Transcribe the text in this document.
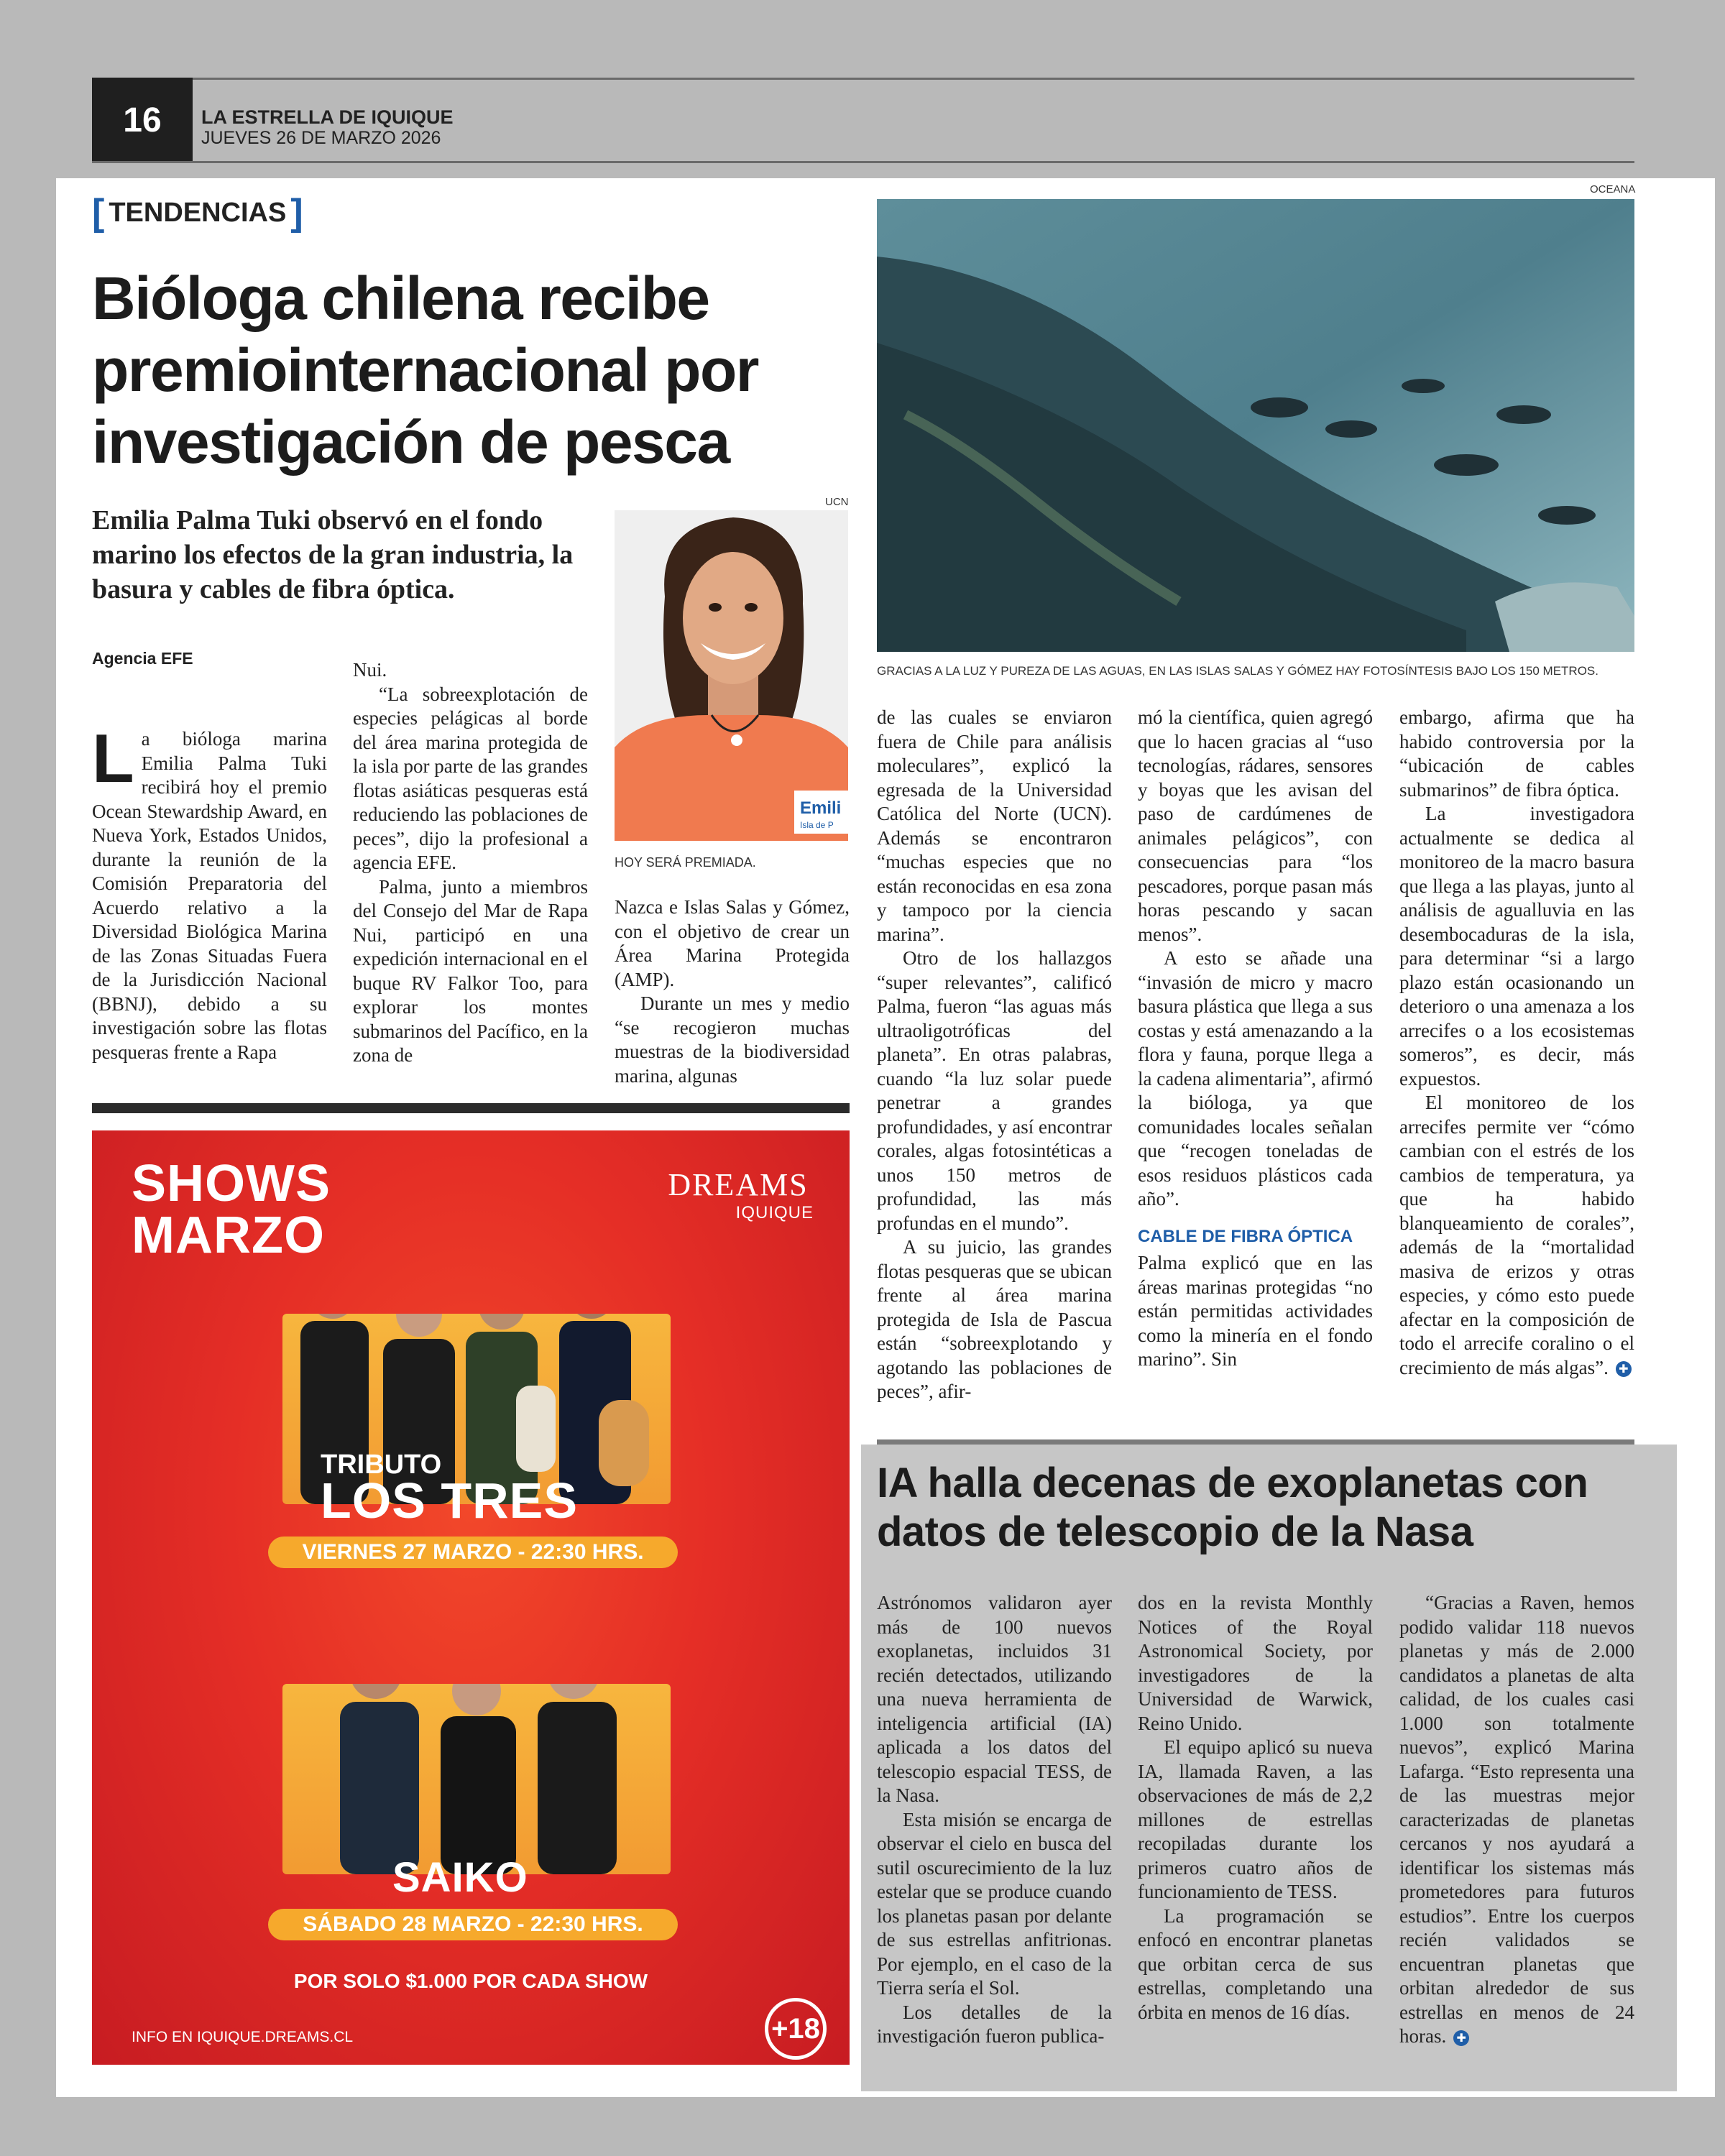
16	LA ESTRELLA DE IQUIQUE
JUEVES 26 DE MARZO 2026
[ TENDENCIAS ]
Bióloga chilena recibe premiointernacional por investigación de pesca
Emilia Palma Tuki observó en el fondo marino los efectos de la gran industria, la basura y cables de fibra óptica.
Agencia EFE

La bióloga marina Emilia Palma Tuki recibirá hoy el premio Ocean Stewardship Award, en Nueva York, Estados Unidos, durante la reunión de la Comisión Preparatoria del Acuerdo relativo a la Diversidad Biológica Marina de las Zonas Situadas Fuera de la Jurisdicción Nacional (BBNJ), debido a su investigación sobre las flotas pesqueras frente a Rapa

Nui.

“La sobreexplotación de especies pelágicas al borde del área marina protegida de la isla por parte de las grandes flotas asiáticas pesqueras está reduciendo las poblaciones de peces”, dijo la profesional a agencia EFE.

Palma, junto a miembros del Consejo del Mar de Rapa Nui, participó en una expedición internacional en el buque RV Falkor Too, para explorar los montes submarinos del Pacífico, en la zona de

UCN
Emili
Isla de P
HOY SERÁ PREMIADA.

Nazca e Islas Salas y Gómez, con el objetivo de crear un Área Marina Protegida (AMP).

Durante un mes y medio “se recogieron muchas muestras de la biodiversidad marina, algunas

OCEANA
GRACIAS A LA LUZ Y PUREZA DE LAS AGUAS, EN LAS ISLAS SALAS Y GÓMEZ HAY FOTOSÍNTESIS BAJO LOS 150 METROS.

de las cuales se enviaron fuera de Chile para análisis moleculares”, explicó la egresada de la Universidad Católica del Norte (UCN). Además se encontraron “muchas especies que no están reconocidas en esa zona y tampoco por la ciencia marina”.

Otro de los hallazgos “super relevantes”, calificó Palma, fueron “las aguas más ultraoligotróficas del planeta”. En otras palabras, cuando “la luz solar puede penetrar a grandes profundidades, y así encontrar corales, algas fotosintéticas a unos 150 metros de profundidad, las más profundas en el mundo”.

A su juicio, las grandes flotas pesqueras que se ubican frente al área marina protegida de Isla de Pascua están “sobreexplotando y agotando las poblaciones de peces”, afir-

mó la científica, quien agregó que lo hacen gracias al “uso tecnologías, rádares, sensores y boyas que les avisan del paso de cardúmenes de animales pelágicos”, con consecuencias para “los pescadores, porque pasan más horas pescando y sacan menos”.

A esto se añade una “invasión de micro y macro basura plástica que llega a sus costas y está amenazando a la flora y fauna, porque llega a la cadena alimentaria”, afirmó la bióloga, ya que comunidades locales señalan que “recogen toneladas de esos residuos plásticos cada año”.

CABLE DE FIBRA ÓPTICA

Palma explicó que en las áreas marinas protegidas “no están permitidas actividades como la minería en el fondo marino”. Sin

embargo, afirma que ha habido controversia por la “ubicación de cables submarinos” de fibra óptica.

La investigadora actualmente se dedica al monitoreo de la macro basura que llega a las playas, junto al análisis de agualluvia en las desembocaduras de la isla, para determinar “si a largo plazo están ocasionando un deterioro o una amenaza a los arrecifes o a los ecosistemas someros”, es decir, más expuestos.

El monitoreo de los arrecifes permite ver “cómo cambian con el estrés de los cambios de temperatura, ya que ha habido blanqueamiento de corales”, además de la “mortalidad masiva de erizos y otras especies, y cómo esto puede afectar en la composición de todo el arrecife coralino o el crecimiento de más algas”. ✚

SHOWS
MARZO
DREAMS
IQUIQUE
TRIBUTO
LOS TRES
VIERNES 27 MARZO - 22:30 HRS.
SAIKO
SÁBADO 28 MARZO - 22:30 HRS.
POR SOLO $1.000 POR CADA SHOW
INFO EN IQUIQUE.DREAMS.CL	+18
IA halla decenas de exoplanetas con datos de telescopio de la Nasa

Astrónomos validaron ayer más de 100 nuevos exoplanetas, incluidos 31 recién detectados, utilizando una nueva herramienta de inteligencia artificial (IA) aplicada a los datos del telescopio espacial TESS, de la Nasa.

Esta misión se encarga de observar el cielo en busca del sutil oscurecimiento de la luz estelar que se produce cuando los planetas pasan por delante de sus estrellas anfitrionas. Por ejemplo, en el caso de la Tierra sería el Sol.

Los detalles de la investigación fueron publica-

dos en la revista Monthly Notices of the Royal Astronomical Society, por investigadores de la Universidad de Warwick, Reino Unido.

El equipo aplicó su nueva IA, llamada Raven, a las observaciones de más de 2,2 millones de estrellas recopiladas durante los primeros cuatro años de funcionamiento de TESS.

La programación se enfocó en encontrar planetas que orbitan cerca de sus estrellas, completando una órbita en menos de 16 días.

“Gracias a Raven, hemos podido validar 118 nuevos planetas y más de 2.000 candidatos a planetas de alta calidad, de los cuales casi 1.000 son totalmente nuevos”, explicó Marina Lafarga. “Esto representa una de las muestras mejor caracterizadas de planetas cercanos y nos ayudará a identificar los sistemas más prometedores para futuros estudios”. Entre los cuerpos recién validados se encuentran planetas que orbitan alrededor de sus estrellas en menos de 24 horas. ✚
